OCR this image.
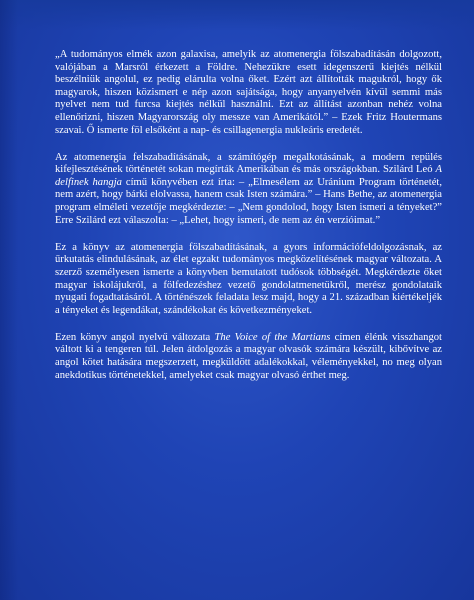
„A tudományos elmék azon galaxisa, amelyik az atomenergia fölszabadításán dolgozott, valójában a Marsról érkezett a Földre. Nehezükre esett idegenszerű kiejtés nélkül beszélniük angolul, ez pedig elárulta volna őket. Ezért azt állították magukról, hogy ők magyarok, hiszen közismert e nép azon sajátsága, hogy anyanyelvén kívül semmi más nyelvet nem tud furcsa kiejtés nélkül használni. Ezt az állítást azonban nehéz volna ellenőrizni, hiszen Magyarország oly messze van Amerikától.” – Ezek Fritz Houtermans szavai. Ő ismerte föl elsőként a nap- és csillagenergia nukleáris eredetét.

Az atomenergia felszabadításának, a számítógép megalkotásának, a modern repülés kifejlesztésének történetét sokan megírták Amerikában és más országokban. Szilárd Leó A delfinek hangja című könyvében ezt írta: – „Elmesélem az Uránium Program történetét, nem azért, hogy bárki elolvassa, hanem csak Isten számára.” – Hans Bethe, az atomenergia program elméleti vezetője megkérdezte: – „Nem gondolod, hogy Isten ismeri a tényeket?” Erre Szilárd ezt válaszolta: – „Lehet, hogy ismeri, de nem az én verzióimat.”

Ez a könyv az atomenergia fölszabadításának, a gyors információfeldolgozásnak, az űrkutatás elindulásának, az élet egzakt tudományos megközelítésének magyar változata. A szerző személyesen ismerte a könyvben bemutatott tudósok többségét. Megkérdezte őket magyar iskolájukról, a fölfedezéshez vezető gondolatmenetükről, merész gondolataik nyugati fogadtatásáról. A történészek feladata lesz majd, hogy a 21. században kiértékeljék a tényeket és legendákat, szándékokat és következményeket.

Ezen könyv angol nyelvű változata The Voice of the Martians címen élénk visszhangot váltott ki a tengeren túl. Jelen átdolgozás a magyar olvasók számára készült, kibővítve az angol kötet hatására megszerzett, megküldött adalékokkal, véleményekkel, no meg olyan anekdotikus történetekkel, amelyeket csak magyar olvasó érthet meg.
